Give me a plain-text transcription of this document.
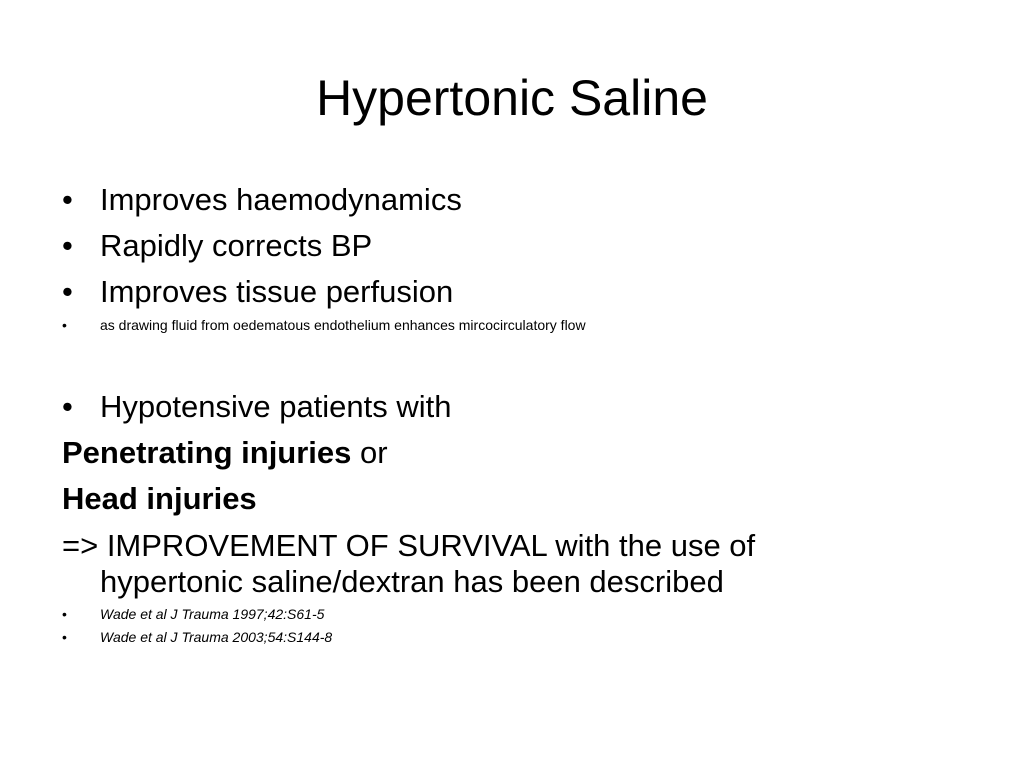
Hypertonic Saline
• Improves haemodynamics
• Rapidly corrects BP
• Improves tissue perfusion
• as drawing fluid from oedematous endothelium enhances mircocirculatory flow
• Hypotensive patients with
Penetrating injuries or
Head injuries
=> IMPROVEMENT OF SURVIVAL with the use of
hypertonic saline/dextran has been described
• Wade et al J Trauma 1997;42:S61-5
• Wade et al J Trauma 2003;54:S144-8
